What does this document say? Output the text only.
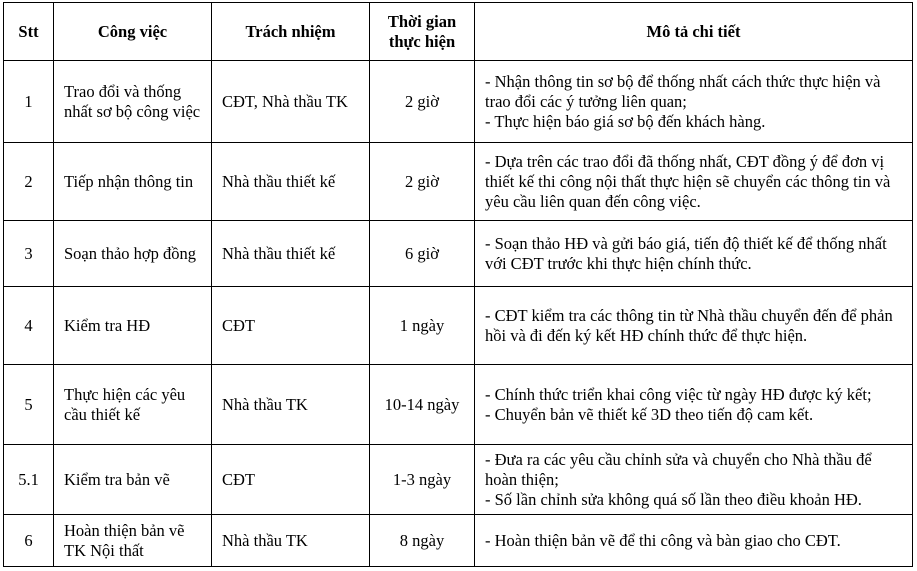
Stt	Công việc	Trách nhiệm	Thời gian thực hiện	Mô tả chi tiết
1	Trao đổi và thống nhất sơ bộ công việc	CĐT, Nhà thầu TK	2 giờ	- Nhận thông tin sơ bộ để thống nhất cách thức thực hiện và trao đổi các ý tưởng liên quan;
- Thực hiện báo giá sơ bộ đến khách hàng.

2	Tiếp nhận thông tin	Nhà thầu thiết kế	2 giờ	- Dựa trên các trao đổi đã thống nhất, CĐT đồng ý để đơn vị thiết kế thi công nội thất thực hiện sẽ chuyển các thông tin và yêu cầu liên quan đến công việc.

3	Soạn thảo hợp đồng	Nhà thầu thiết kế	6 giờ	- Soạn thảo HĐ và gửi báo giá, tiến độ thiết kế để thống nhất với CĐT trước khi thực hiện chính thức.

4	Kiểm tra HĐ	CĐT	1 ngày	- CĐT kiểm tra các thông tin từ Nhà thầu chuyển đến để phản hồi và đi đến ký kết HĐ chính thức để thực hiện.

5	Thực hiện các yêu cầu thiết kế	Nhà thầu TK	10-14 ngày	- Chính thức triển khai công việc từ ngày HĐ được ký kết;
- Chuyển bản vẽ thiết kế 3D theo tiến độ cam kết.

5.1	Kiểm tra bản vẽ	CĐT	1-3 ngày	- Đưa ra các yêu cầu chỉnh sửa và chuyển cho Nhà thầu để hoàn thiện;
- Số lần chỉnh sửa không quá số lần theo điều khoản HĐ.

6	Hoàn thiện bản vẽ TK Nội thất	Nhà thầu TK	8 ngày	- Hoàn thiện bản vẽ để thi công và bàn giao cho CĐT.
